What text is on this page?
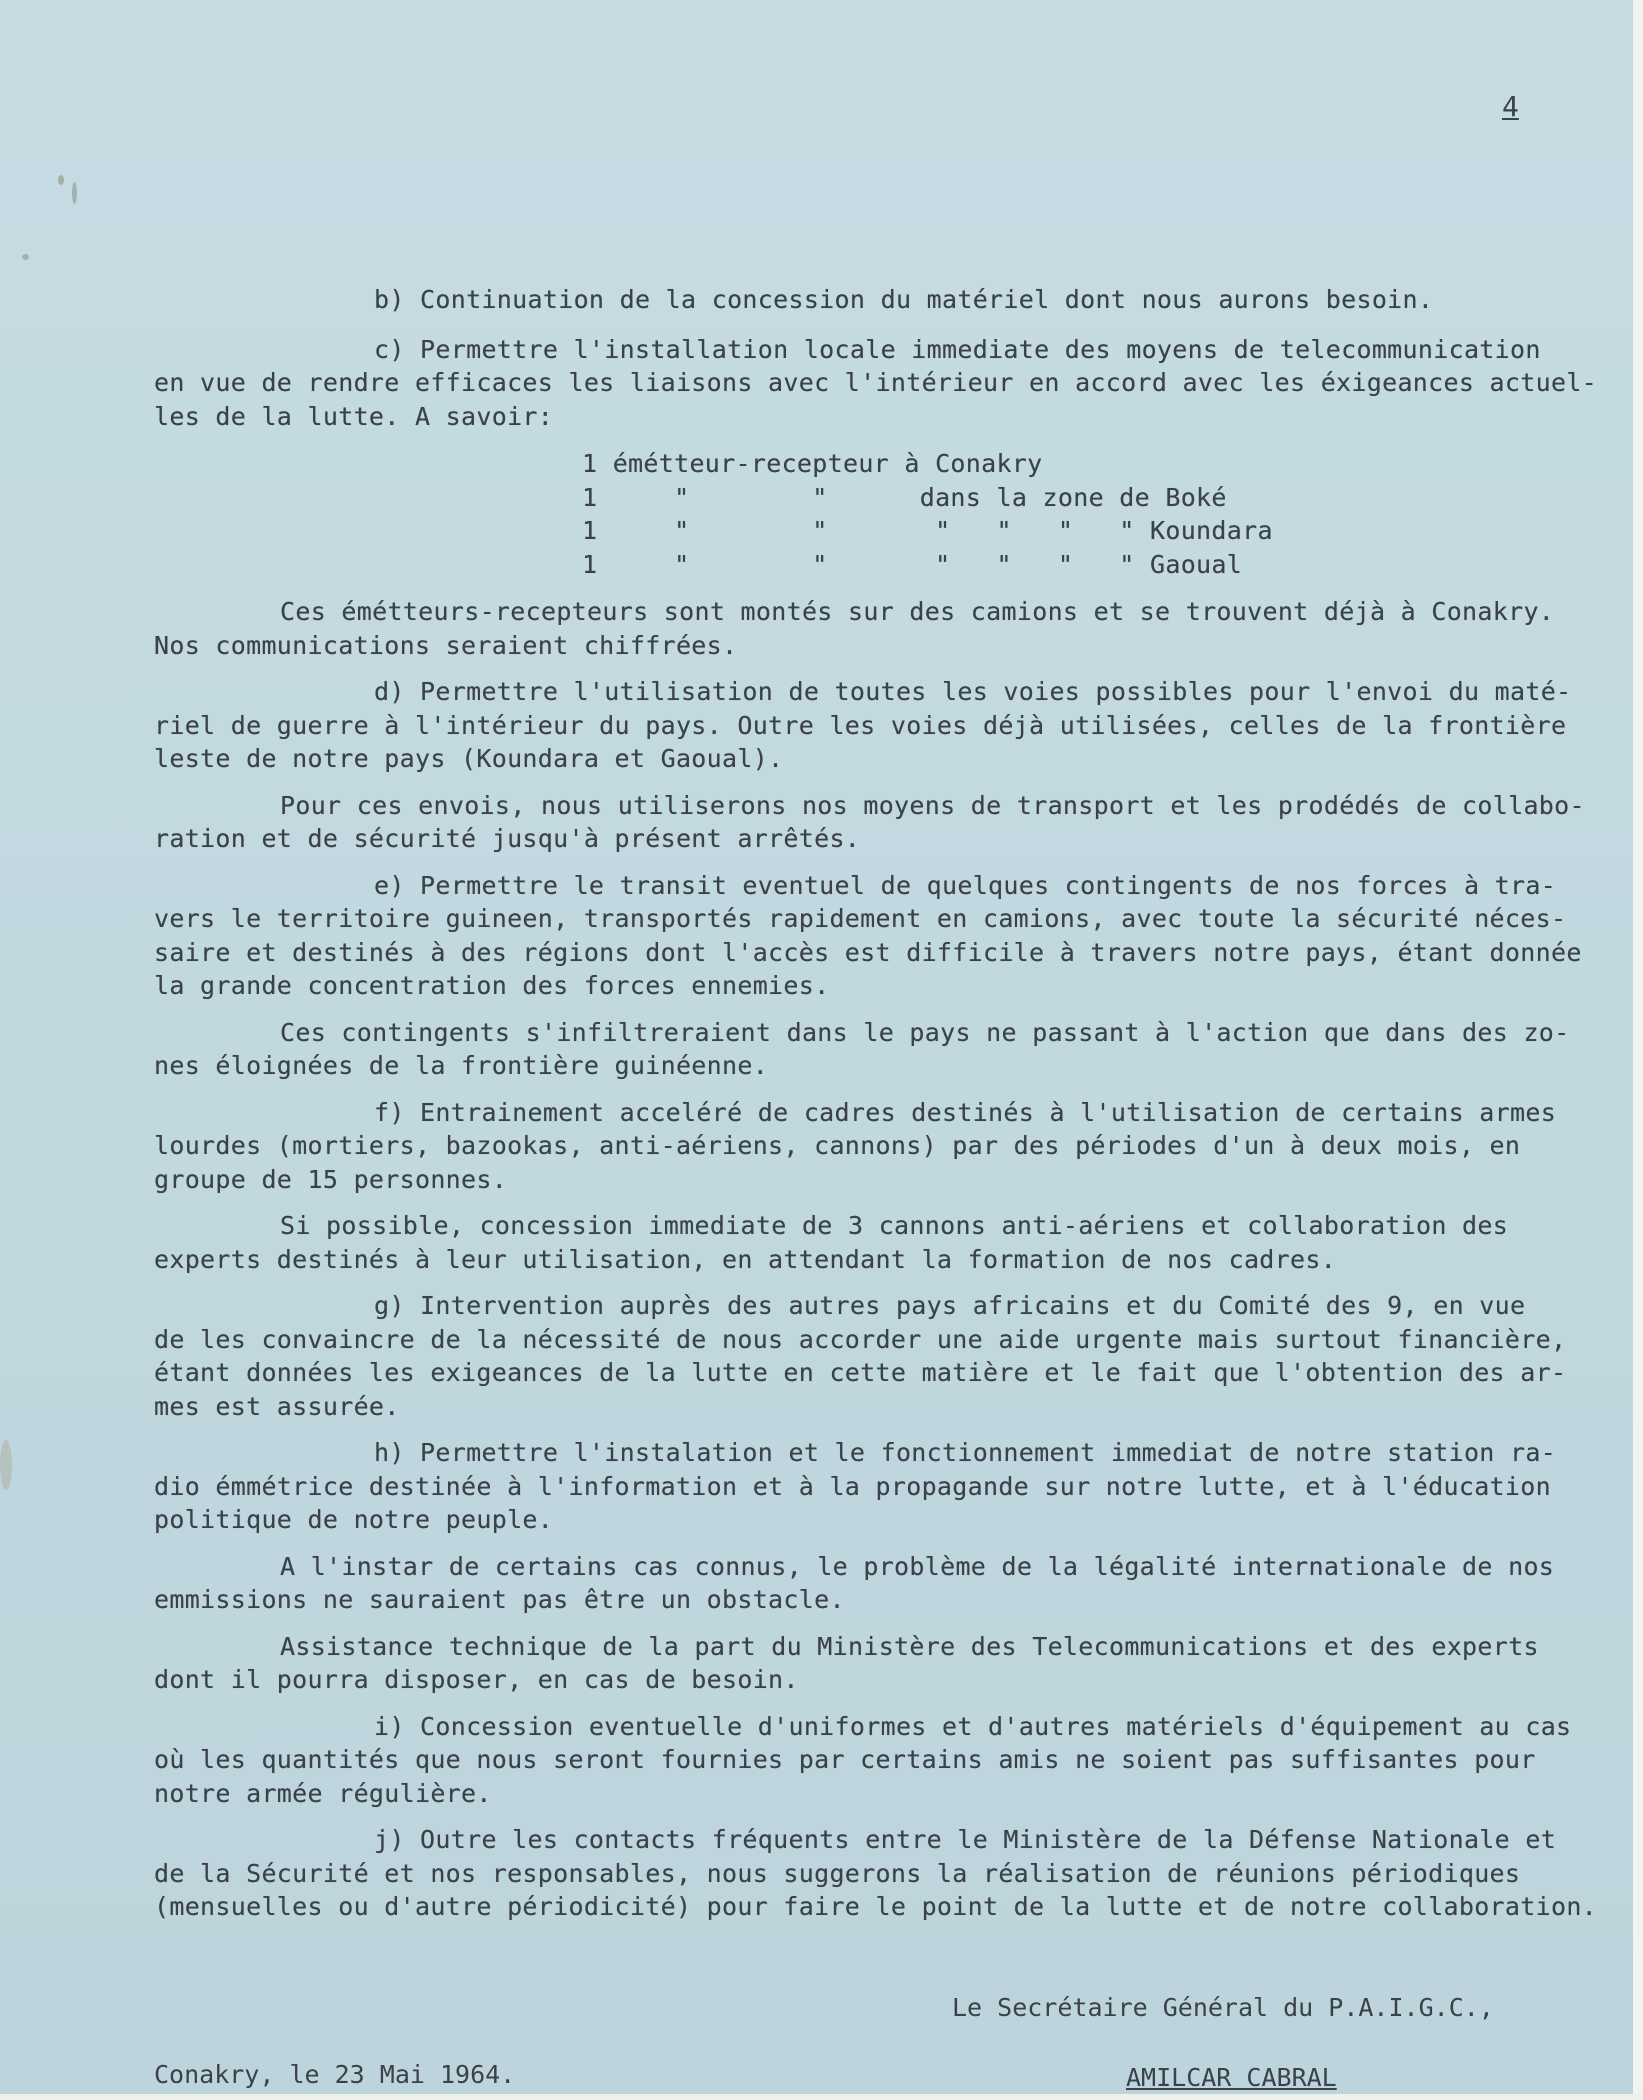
4
b) Continuation de la concession du matériel dont nous aurons besoin.
c) Permettre l'installation locale immediate des moyens de telecommunication
en vue de rendre efficaces les liaisons avec l'intérieur en accord avec les éxigeances actuel-
les de la lutte. A savoir:
1 émétteur-recepteur à Conakry
1     "        "      dans la zone de Boké
1     "        "       "   "   "   " Koundara
1     "        "       "   "   "   " Gaoual
Ces émétteurs-recepteurs sont montés sur des camions et se trouvent déjà à Conakry.
Nos communications seraient chiffrées.
d) Permettre l'utilisation de toutes les voies possibles pour l'envoi du maté-
riel de guerre à l'intérieur du pays. Outre les voies déjà utilisées, celles de la frontière
leste de notre pays (Koundara et Gaoual).
Pour ces envois, nous utiliserons nos moyens de transport et les prodédés de collabo-
ration et de sécurité jusqu'à présent arrêtés.
e) Permettre le transit eventuel de quelques contingents de nos forces à tra-
vers le territoire guineen, transportés rapidement en camions, avec toute la sécurité néces-
saire et destinés à des régions dont l'accès est difficile à travers notre pays, étant donnée
la grande concentration des forces ennemies.
Ces contingents s'infiltreraient dans le pays ne passant à l'action que dans des zo-
nes éloignées de la frontière guinéenne.
f) Entrainement acceléré de cadres destinés à l'utilisation de certains armes
lourdes (mortiers, bazookas, anti-aériens, cannons) par des périodes d'un à deux mois, en
groupe de 15 personnes.
Si possible, concession immediate de 3 cannons anti-aériens et collaboration des
experts destinés à leur utilisation, en attendant la formation de nos cadres.
g) Intervention auprès des autres pays africains et du Comité des 9, en vue
de les convaincre de la nécessité de nous accorder une aide urgente mais surtout financière,
étant données les exigeances de la lutte en cette matière et le fait que l'obtention des ar-
mes est assurée.
h) Permettre l'instalation et le fonctionnement immediat de notre station ra-
dio émmétrice destinée à l'information et à la propagande sur notre lutte, et à l'éducation
politique de notre peuple.
A l'instar de certains cas connus, le problème de la légalité internationale de nos
emmissions ne sauraient pas être un obstacle.
Assistance technique de la part du Ministère des Telecommunications et des experts
dont il pourra disposer, en cas de besoin.
i) Concession eventuelle d'uniformes et d'autres matériels d'équipement au cas
où les quantités que nous seront fournies par certains amis ne soient pas suffisantes pour
notre armée régulière.
j) Outre les contacts fréquents entre le Ministère de la Défense Nationale et
de la Sécurité et nos responsables, nous suggerons la réalisation de réunions périodiques
(mensuelles ou d'autre périodicité) pour faire le point de la lutte et de notre collaboration.
Le Secrétaire Général du P.A.I.G.C.,
Conakry, le 23 Mai 1964.	AMILCAR CABRAL
